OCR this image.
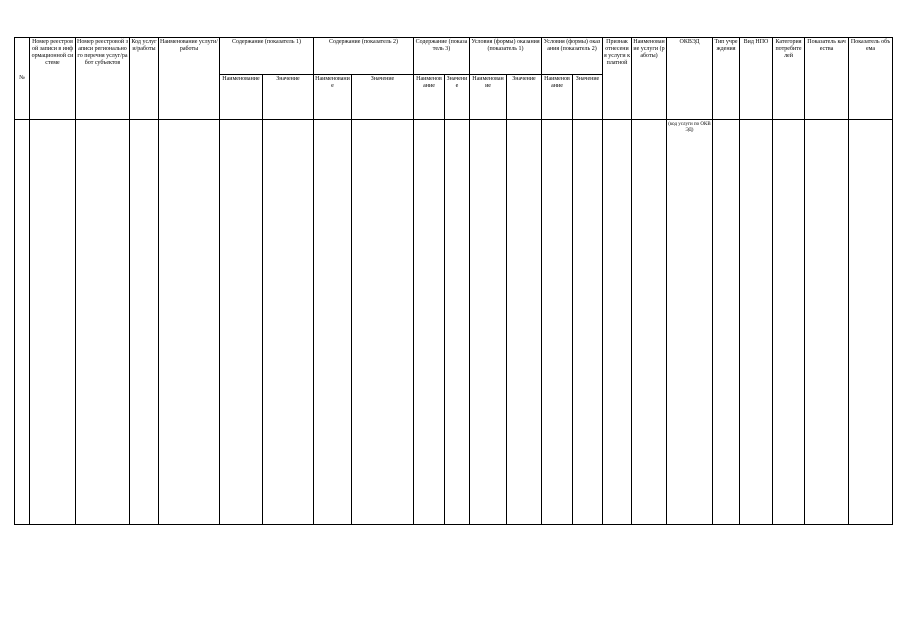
№	Номер реестровой записи в информационной системе	Номер реестровой записи регионального перечня услуг/работ субъектов	Код услуги/работы	Наименование услуги/работы	Содержание (показатель 1)		Содержание (показатель 2)		Содержание (показатель 3)		Условия (формы) оказания (показатель 1)		Условия (формы) оказания (показатель 2)		Признак отнесения услуги к платной	Наименование услуги (работы)	ОКВЭД	Тип учреждения	Вид НПО	Категория потребителей	Показатель качества	Показатель объема
					Наименование	Значение	Наименование	Значение	Наименование	Значение	Наименование	Значение	Наименование	Значение								
																	(код услуги по ОКВЭД)					
